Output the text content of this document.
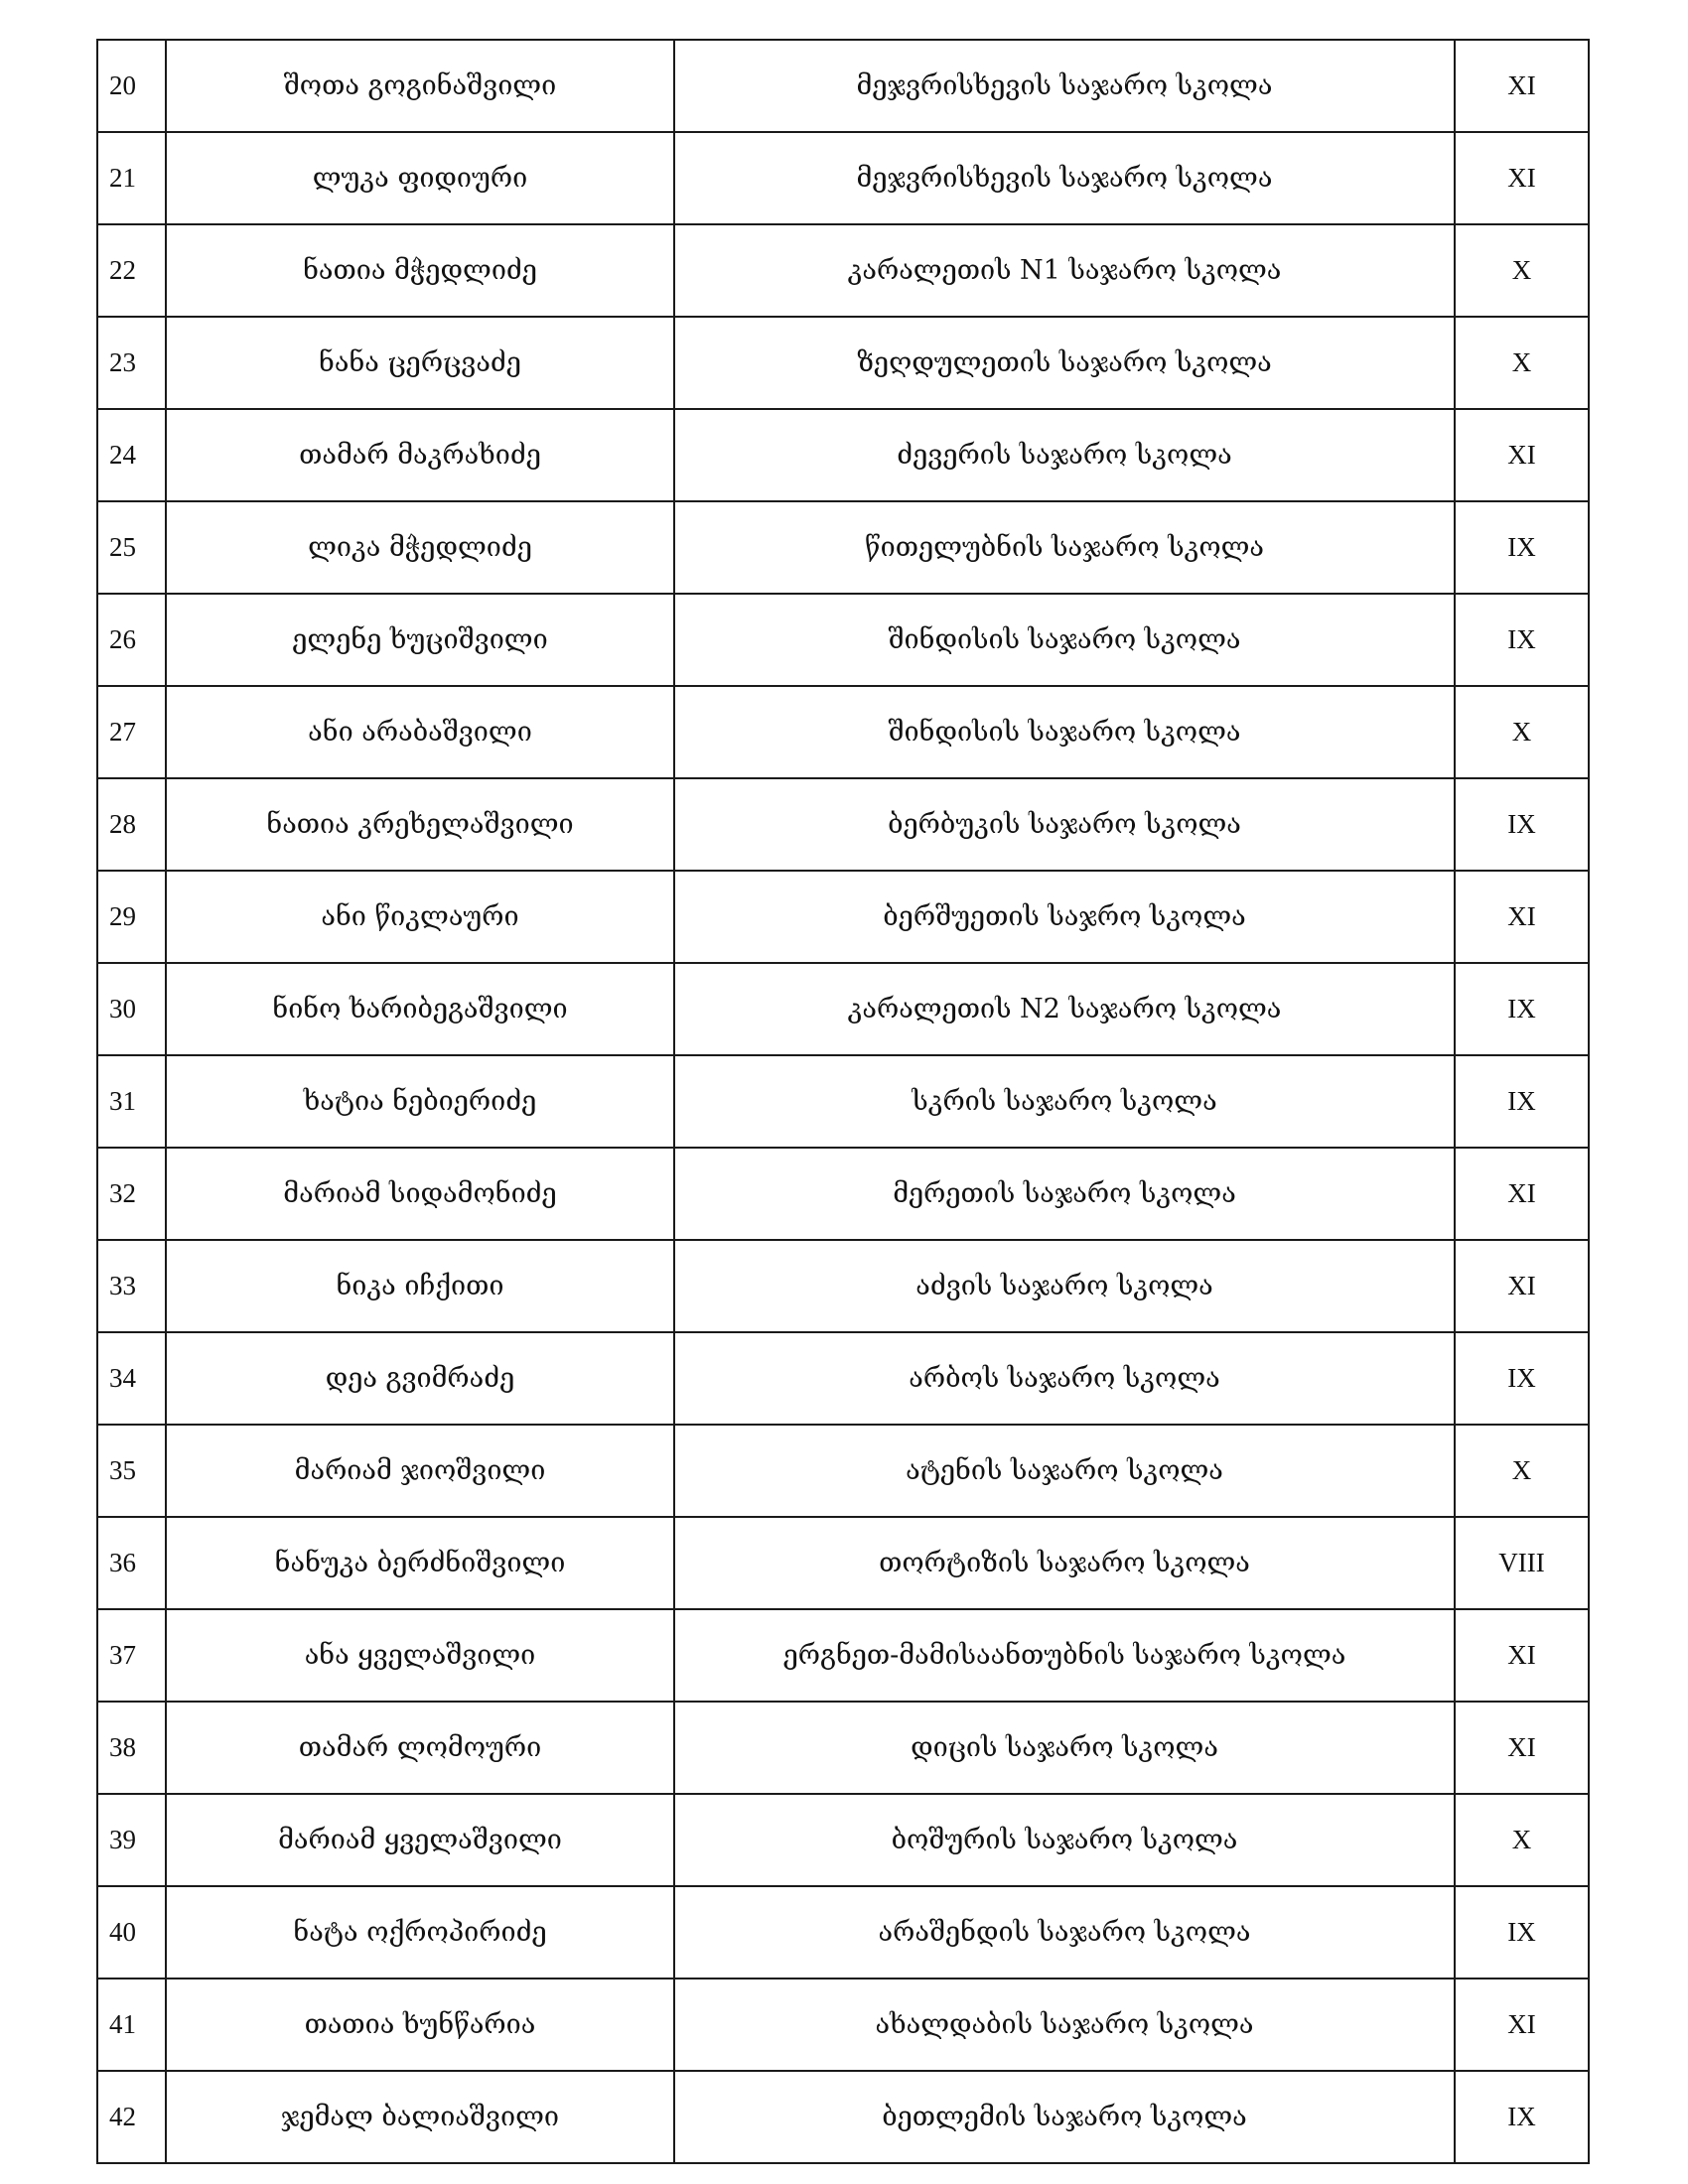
20	შოთა გოგინაშვილი	მეჯვრისხევის საჯარო სკოლა	XI
21	ლუკა ფიდიური	მეჯვრისხევის საჯარო სკოლა	XI
22	ნათია მჭედლიძე	კარალეთის N1 საჯარო სკოლა	X
23	ნანა ცერცვაძე	ზეღდულეთის საჯარო სკოლა	X
24	თამარ მაკრახიძე	ძევერის საჯარო სკოლა	XI
25	ლიკა მჭედლიძე	წითელუბნის საჯარო სკოლა	IX
26	ელენე ხუციშვილი	შინდისის საჯარო სკოლა	IX
27	ანი არაბაშვილი	შინდისის საჯარო სკოლა	X
28	ნათია კრეხელაშვილი	ბერბუკის საჯარო სკოლა	IX
29	ანი წიკლაური	ბერშუეთის საჯრო სკოლა	XI
30	ნინო ხარიბეგაშვილი	კარალეთის N2 საჯარო სკოლა	IX
31	ხატია ნებიერიძე	სკრის საჯარო სკოლა	IX
32	მარიამ სიდამონიძე	მერეთის საჯარო სკოლა	XI
33	ნიკა იჩქითი	აძვის საჯარო სკოლა	XI
34	დეა გვიმრაძე	არბოს საჯარო სკოლა	IX
35	მარიამ ჯიოშვილი	ატენის საჯარო სკოლა	X
36	ნანუკა ბერძნიშვილი	თორტიზის საჯარო სკოლა	VIII
37	ანა ყველაშვილი	ერგნეთ-მამისაანთუბნის საჯარო სკოლა	XI
38	თამარ ლომოური	დიცის საჯარო სკოლა	XI
39	მარიამ ყველაშვილი	ბოშურის საჯარო სკოლა	X
40	ნატა ოქროპირიძე	არაშენდის საჯარო სკოლა	IX
41	თათია ხუნწარია	ახალდაბის საჯარო სკოლა	XI
42	ჯემალ ბალიაშვილი	ბეთლემის საჯარო სკოლა	IX
